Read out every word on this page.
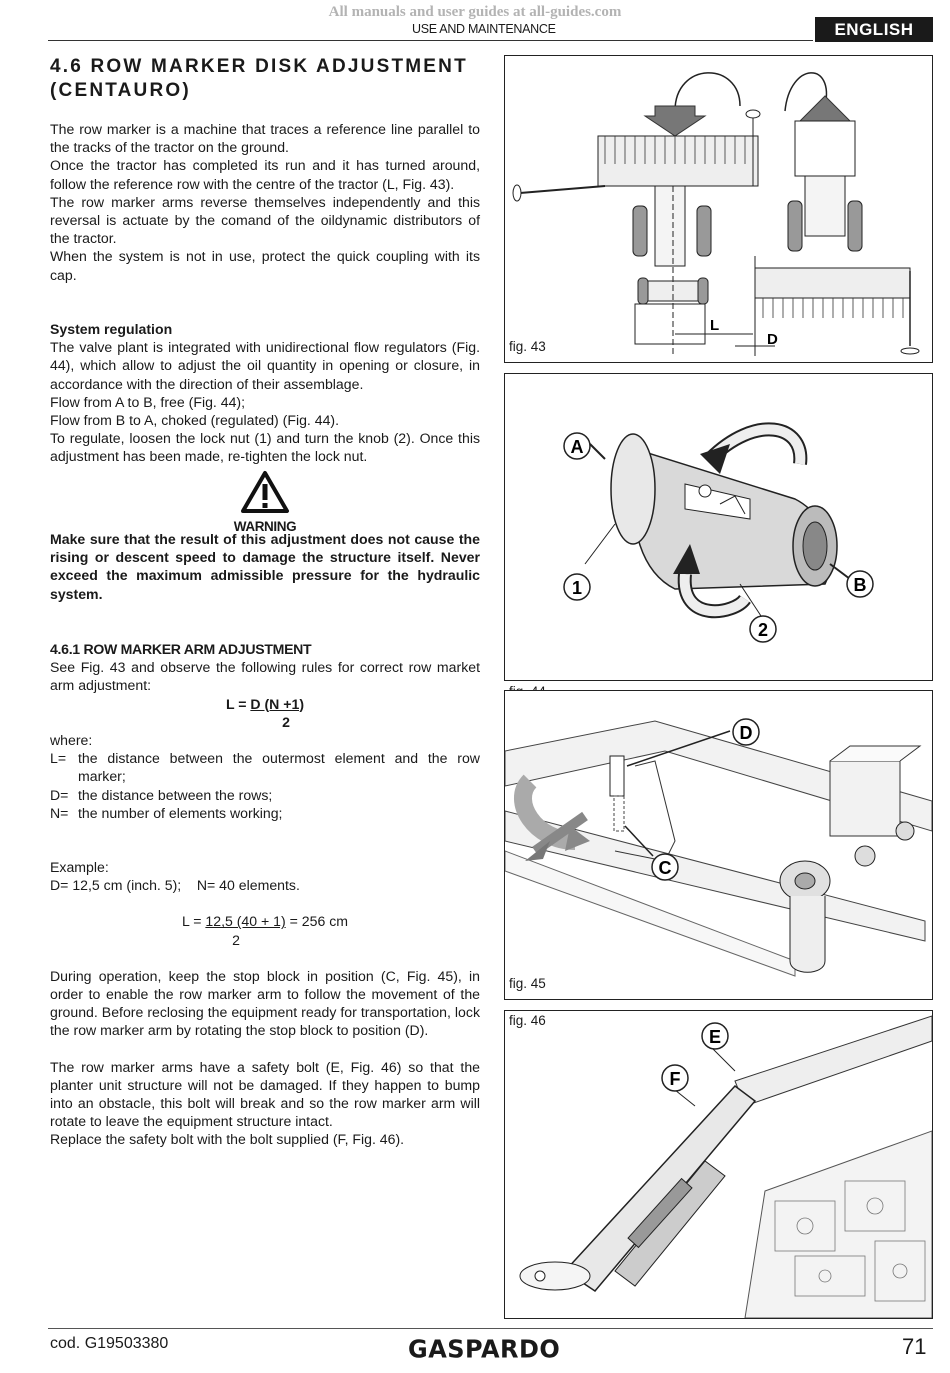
All manuals and user guides at all-guides.com
USE AND MAINTENANCE	ENGLISH
4.6 ROW MARKER DISK ADJUSTMENT
(CENTAURO)

The row marker is a machine that traces a reference line parallel to the tracks of the tractor on the ground.

Once the tractor has completed its run and it has turned around, follow the reference row with the centre of the tractor (L, Fig. 43).

The row marker arms reverse themselves independently and this reversal is actuate by the comand of the oildynamic distributors of the tractor.

When the system is not in use, protect the quick coupling with its cap.

System regulation

The valve plant is integrated with unidirectional flow regulators (Fig. 44), which allow to adjust the oil quantity in opening or closure, in accordance with the direction of their assemblage.

Flow from A to B, free (Fig. 44);

Flow from B to A, choked (regulated) (Fig. 44).

To regulate, loosen the lock nut (1) and turn the knob (2). Once this adjustment has been made, re-tighten the lock nut.

WARNING
Make sure that the result of this adjustment does not cause the rising or descent speed to damage the structure itself. Never exceed the maximum admissible pressure for the hydraulic system.

4.6.1 ROW MARKER ARM ADJUSTMENT

See Fig. 43 and observe the following rules for correct row market arm adjustment:

L = D (N +1)
2

where:

L= the distance between the outermost element and the row marker;
D= the distance between the rows;
N= the number of elements working;

Example:

D= 12,5 cm (inch. 5);    N= 40 elements.

L = 12,5 (40 + 1) = 256 cm
2

During operation, keep the stop block in position (C, Fig. 45), in order to enable the row marker arm to follow the movement of the ground. Before reclosing the equipment ready for transportation, lock the row marker arm by rotating the stop block to position (D).

The row marker arms have a safety bolt (E, Fig. 46) so that the planter unit structure will not be damaged. If they happen to bump into an obstacle, this bolt will break and so the row marker arm will rotate to leave the equipment structure intact.

Replace the safety bolt with the bolt supplied (F, Fig. 46).

L
D
fig. 43
A
B
1
2
D
C
fig. 45
E
F
fig. 46
cod. G19503380	GASPARDO	71
